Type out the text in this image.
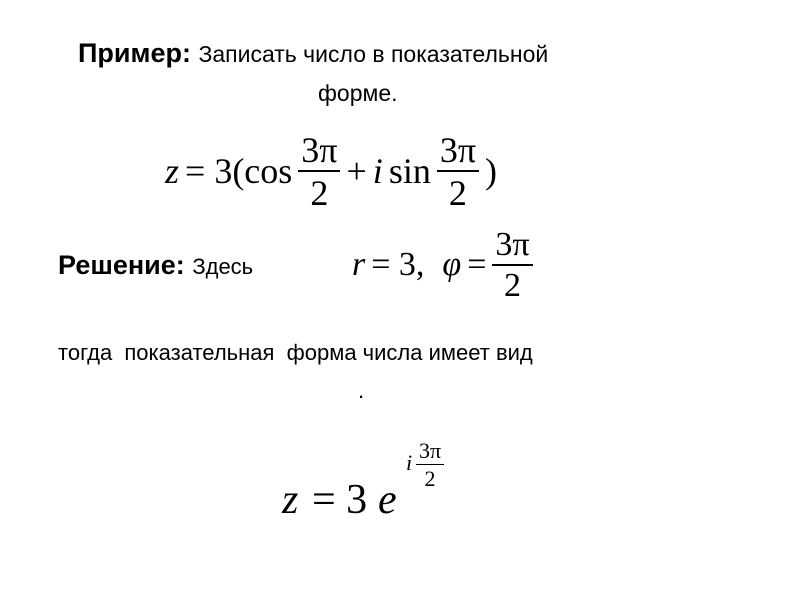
Пример: Записать число в показательной
форме.
$z = 3(\cos \frac{3\pi}{2} + i$ $\sin \frac{3\pi}{2}$ )
Решение: Здесь	r = 3, $\varphi = \frac{3\pi}{2}$
тогда  показательная  форма числа имеет вид
.
z = 3 e
i 3π
2
